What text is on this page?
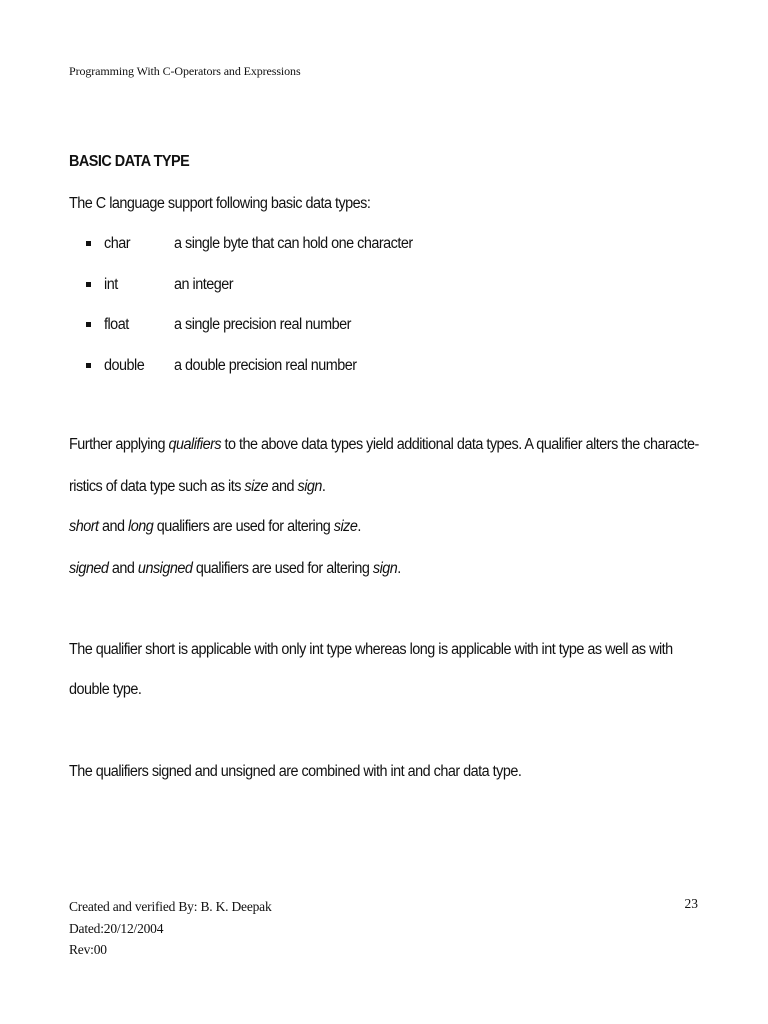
Programming With C-Operators and Expressions
BASIC DATA TYPE
The C language support following basic data types:
char	a single byte that can hold one character
int	an integer
float	a single precision real number
double a double precision real number
Further applying qualifiers to the above data types yield additional data types. A qualifier alters the characte-
ristics of data type such as its size and sign.
short and long qualifiers are used for altering size.
signed and unsigned qualifiers are used for altering sign.
The qualifier short is applicable with only int type whereas long is applicable with int type as well as with
double type.
The qualifiers signed and unsigned are combined with int and char data type.
Created and verified By: B. K. Deepak
Dated:20/12/2004
Rev:00
23
